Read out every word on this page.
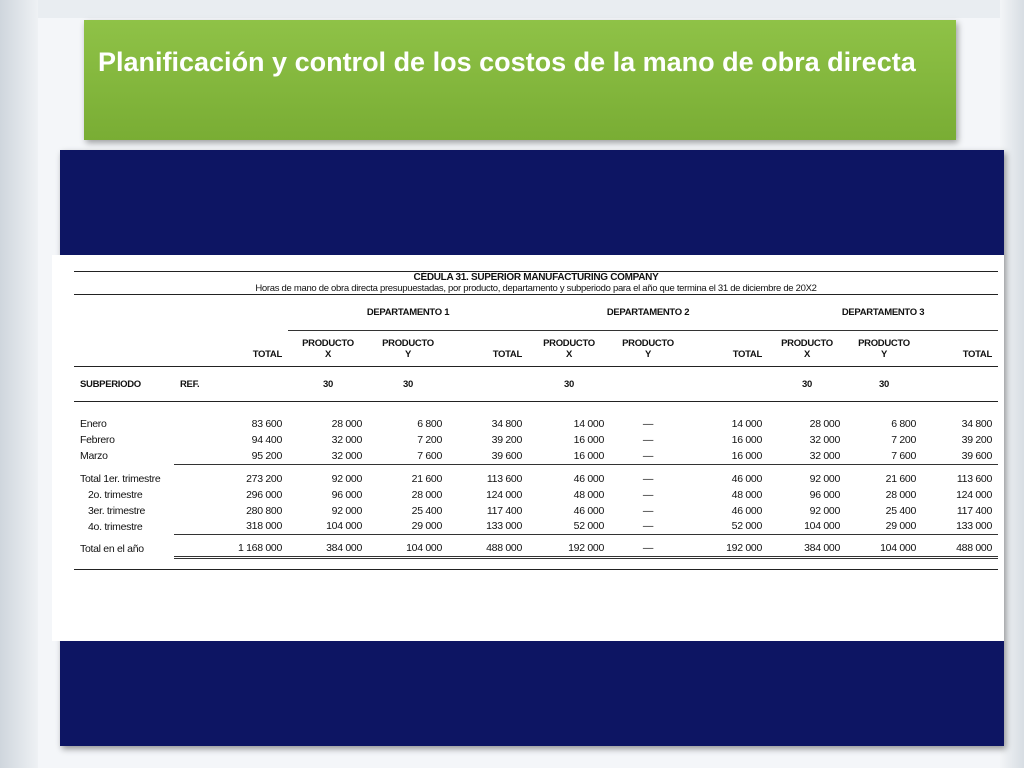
Planificación y control de los costos de la mano de obra directa
CÉDULA 31. SUPERIOR MANUFACTURING COMPANY										
Horas de mano de obra directa presupuestadas, por producto, departamento y subperiodo para el año que termina el 31 de diciembre de 20X2										
		DEPARTAMENTO 1			DEPARTAMENTO 2			DEPARTAMENTO 3		
		PRODUCTO	PRODUCTO		PRODUCTO	PRODUCTO		PRODUCTO	PRODUCTO	
	TOTAL	X	Y	TOTAL	X	Y	TOTAL	X	Y	TOTAL
SUBPERIODO	REF.	30	30		30			30	30	

Enero	83 600	28 000	6 800	34 800	14 000	—	14 000	28 000	6 800	34 800
Febrero	94 400	32 000	7 200	39 200	16 000	—	16 000	32 000	7 200	39 200
Marzo	95 200	32 000	7 600	39 600	16 000	—	16 000	32 000	7 600	39 600

Total 1er. trimestre	273 200	92 000	21 600	113 600	46 000	—	46 000	92 000	21 600	113 600
2o. trimestre	296 000	96 000	28 000	124 000	48 000	—	48 000	96 000	28 000	124 000
3er. trimestre	280 800	92 000	25 400	117 400	46 000	—	46 000	92 000	25 400	117 400
4o. trimestre	318 000	104 000	29 000	133 000	52 000	—	52 000	104 000	29 000	133 000

Total en el año	1 168 000	384 000	104 000	488 000	192 000	—	192 000	384 000	104 000	488 000
